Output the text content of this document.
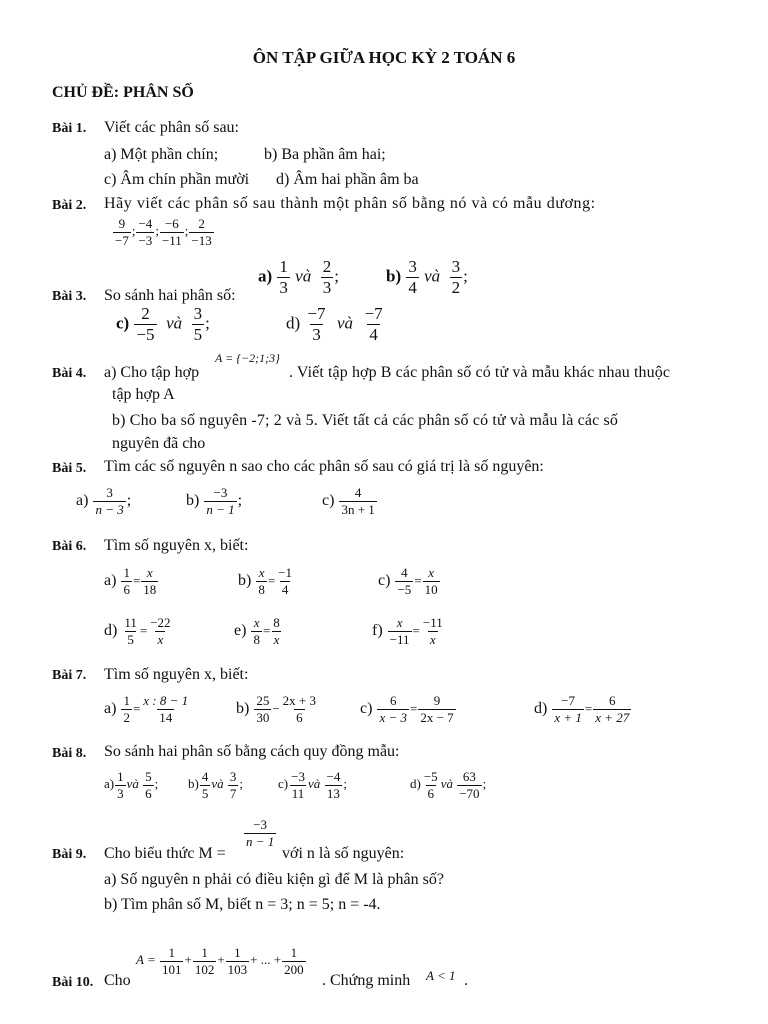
ÔN TẬP GIỮA HỌC KỲ 2 TOÁN 6
CHỦ ĐỀ: PHÂN SỐ
Bài 1. Viết các phân số sau:
a) Một phần chín;	b) Ba phần âm hai;
c) Âm chín phần mười d) Âm hai phần âm ba
Bài 2. Hãy viết các phân số sau thành một phân số bằng nó và có mẫu dương:
$\frac{9}{-7}$ ; $\frac{-4}{-3}$ ; $\frac{-6}{-11}$ ; $\frac{2}{-13}$
Bài 3. So sánh hai phân số:
$a) \frac{1}{3}$ và $\frac{2}{3}$ ;	$b) \frac{3}{4}$ và $\frac{3}{2}$ ;
$c) \frac{2}{-5}$ và $\frac{3}{5}$ ;	$d) \frac{-7}{3}$ và $\frac{-7}{4}$
Bài 4. a) Cho tập hợp
A = {−2;1;3}
. Viết tập hợp B các phân số có tử và mẫu khác nhau thuộc
tập hợp A
b) Cho ba số nguyên -7; 2 và 5. Viết tất cả các phân số có tử và mẫu là các số
nguyên đã cho
Bài 5. Tìm các số nguyên n sao cho các phân số sau có giá trị là số nguyên:
$a) \frac{3}{n - 3}$ ;	$b) \frac{-3}{n - 1}$ ;	$c) \frac{4}{3n + 1}$
Bài 6. Tìm số nguyên x, biết:
$a) \frac{1}{6} = \frac{x}{18}$	$b) \frac{x}{8} = \frac{-1}{4}$	$c) \frac{4}{-5} = \frac{x}{10}$
$d) \frac{11}{5} = \frac{-22}{x}$	$e) \frac{x}{8} = \frac{8}{x}$	$f) \frac{x}{-11} = \frac{-11}{x}$
Bài 7. Tìm số nguyên x, biết:
$a) \frac{1}{2} = \frac{x : 8 - 1}{14}$	$b) \frac{25}{30} - \frac{2x + 3}{6}$	$c) \frac{6}{x - 3} = \frac{9}{2x - 7}$	$d) \frac{-7}{x + 1} = \frac{6}{x + 27}$
Bài 8. So sánh hai phân số bằng cách quy đồng mẫu:
$a) \frac{1}{3}$ và $\frac{5}{6}$ ; $b) \frac{4}{5}$ và $\frac{3}{7}$ ;	$c) \frac{-3}{11}$ và $\frac{-4}{13}$ ;	$d) \frac{-5}{6}$ và $\frac{63}{-70}$ ;
Bài 9. Cho biểu thức M =
$\frac{-3}{n - 1}$
với n là số nguyên:
a) Số nguyên n phải có điều kiện gì để M là phân số?
b) Tìm phân số M, biết n = 3; n = 5; n = -4.
Bài 10. Cho
$A = \frac{1}{101} + \frac{1}{102} + \frac{1}{103}$ + ... + $\frac{1}{200}$
. Chứng minh A < 1 .
